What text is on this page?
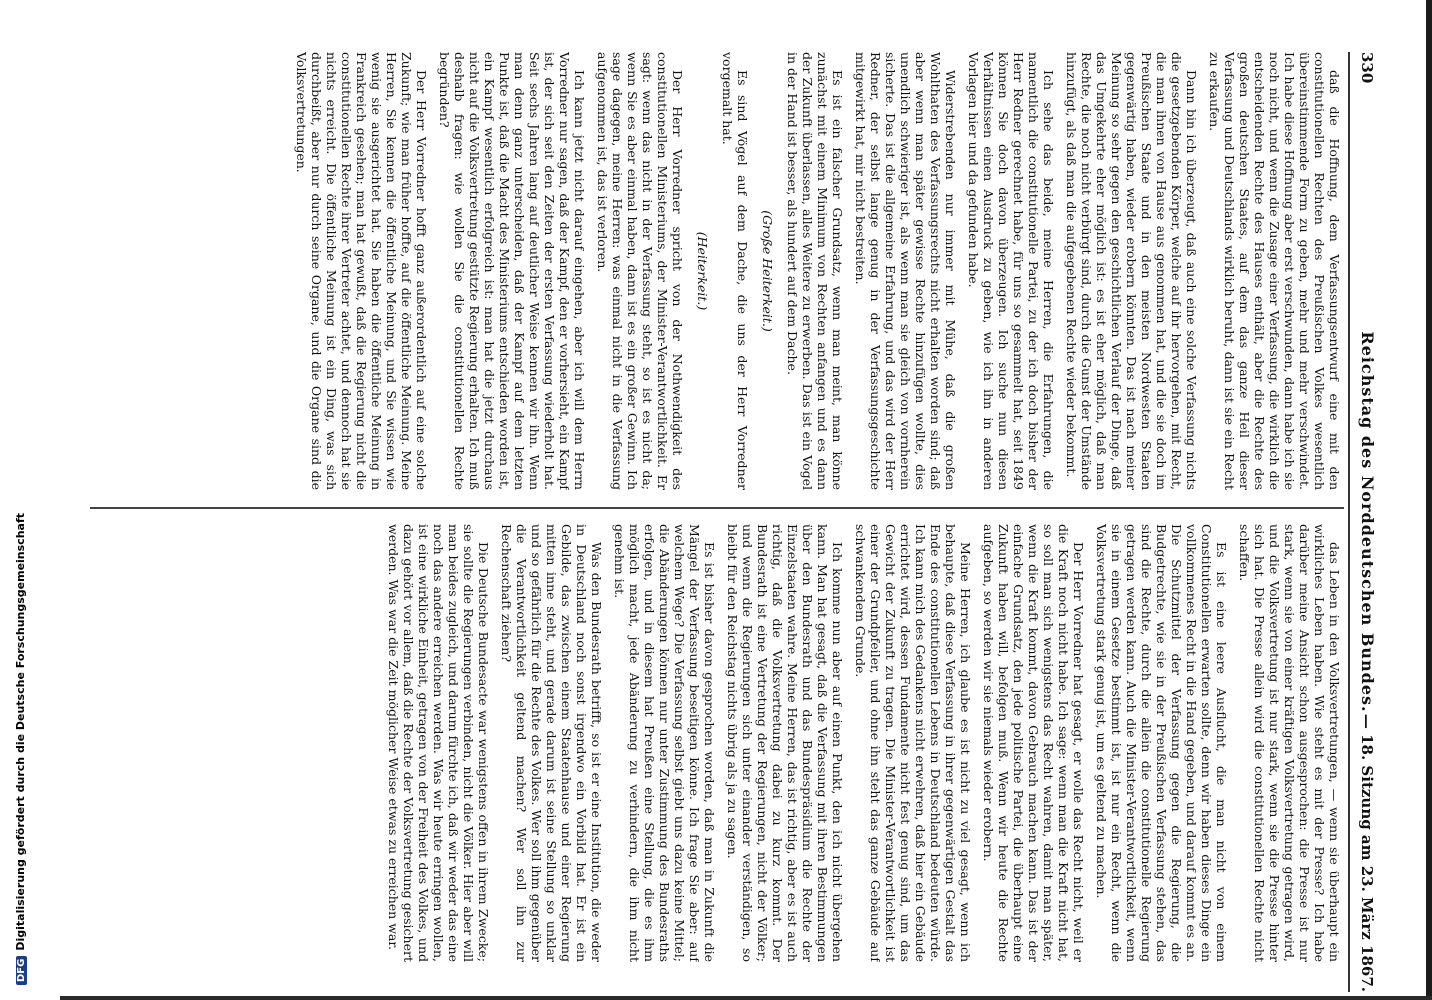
DFGDigitalisierung gefördert durch die Deutsche Forschungsgemeinschaft
330
Reichstag des Norddeutschen Bundes.
— 18. Sitzung am 23. März 1867.

daß die Hoffnung, dem Verfassungsentwurf eine mit den constitutionellen Rechten des Preußischen Volkes wesentlich übereinstimmende Form zu geben, mehr und mehr verschwindet. Ich habe diese Hoffnung aber erst verschwunden, dann habe ich sie noch nicht, und wenn die Zusage einer Verfassung, die wirklich die entscheidenden Rechte des Hauses enthält, aber die Rechte des großen deutschen Staates, auf dem das ganze Heil dieser Verfassung und Deutschlands wirklich beruht, dann ist sie ein Recht zu erkaufen.

Dann bin ich überzeugt, daß auch eine solche Verfassung nichts die gesetzgebenden Körper, welche auf ihr hervorgehen, mit Recht, die man ihnen von Hause aus genommen hat, und die sie doch im Preußischen Staate und in den meisten Nordwesten Staaten gegenwärtig haben, wieder erobern könnten. Das ist nach meiner Meinung so sehr gegen den geschichtlichen Verlauf der Dinge, daß das Umgekehrte eher möglich ist: es ist eher möglich, daß man Rechte, die noch nicht verbürgt sind, durch die Gunst der Umstände hinzufügt, als daß man die aufgegebenen Rechte wieder bekommt.

Ich sehe das beide, meine Herren, die Erfahrungen, die namentlich die constitutionelle Partei, zu der ich doch bisher der Herr Redner gerechnet habe, für uns so gesammelt hat, seit 1849 können Sie doch davon überzeugen. Ich suche nun diesen Verhältnissen einen Ausdruck zu geben, wie ich ihn in anderen Vorlagen hier und da gefunden habe.

Widerstrebenden nur immer mit Mühe, daß die großen Wohlthaten des Verfassungsrechts nicht erhalten worden sind; daß aber wenn man später gewisse Rechte hinzufügen wollte, dies unendlich schwieriger ist, als wenn man sie gleich von vornherein sicherte. Das ist die allgemeine Erfahrung, und das wird der Herr Redner, der selbst lange genug in der Verfassungsgeschichte mitgewirkt hat, mir nicht bestreiten.

Es ist ein falscher Grundsatz, wenn man meint, man könne zunächst mit einem Minimum von Rechten anfangen und es dann der Zukunft überlassen, alles Weitere zu erwerben. Das ist ein Vogel in der Hand ist besser, als hundert auf dem Dache.

(Große Heiterkeit.)

Es sind Vögel auf dem Dache, die uns der Herr Vorredner vorgemalt hat.

(Heiterkeit.)

Der Herr Vorredner spricht von der Nothwendigkeit des constitutionellen Ministeriums, der Minister-Verantwortlichkeit. Er sagt: wenn das nicht in der Verfassung steht, so ist es nicht da; wenn Sie es aber einmal haben, dann ist es ein großer Gewinn. Ich sage dagegen, meine Herren: was einmal nicht in die Verfassung aufgenommen ist, das ist verloren.

Ich kann jetzt nicht darauf eingehen, aber ich will dem Herrn Vorredner nur sagen, daß der Kampf, den er vorhersieht, ein Kampf ist, der sich seit den Zeiten der ersten Verfassung wiederholt hat. Seit sechs Jahren lang auf deutlicher Weise kennen wir ihn. Wenn man denn ganz unterscheiden, daß der Kampf auf dem letzten Punkte ist, daß die Macht des Ministeriums entschieden worden ist, ein Kampf wesentlich erfolgreich ist: man hat die jetzt durchaus nicht auf die Volksvertretung gestützte Regierung erhalten. Ich muß deshalb fragen: wie wollen Sie die constitutionellen Rechte begründen?

Der Herr Vorredner hofft ganz außerordentlich auf eine solche Zukunft; wie man früher hoffte, auf die öffentliche Meinung. Meine Herren, Sie kennen die öffentliche Meinung, und Sie wissen wie wenig sie ausgerichtet hat. Sie haben die öffentliche Meinung in Frankreich gesehen; man hat gewußt, daß die Regierung nicht die constitutionellen Rechte ihrer Vertreter achtet, und dennoch hat sie nichts erreicht. Die öffentliche Meinung ist ein Ding, was sich durchbeißt, aber nur durch seine Organe, und die Organe sind die Volksvertretungen.

das Leben in den Volksvertretungen, — wenn sie überhaupt ein wirkliches Leben haben. Wie steht es mit der Presse? Ich habe darüber meine Ansicht schon ausgesprochen: die Presse ist nur stark, wenn sie von einer kräftigen Volksvertretung getragen wird, und die Volksvertretung ist nur stark, wenn sie die Presse hinter sich hat. Die Presse allein wird die constitutionellen Rechte nicht schaffen.

Es ist eine leere Ausflucht, die man nicht von einem Constitutionellen erwarten sollte, denn wir haben dieses Dinge ein vollkommenes Recht in die Hand gegeben, und darauf kommt es an. Die Schutzmittel der Verfassung gegen die Regierung, die Budgetrechte, wie sie in der Preußischen Verfassung stehen, das sind die Rechte, durch die allein die constitutionelle Regierung getragen werden kann. Auch die Minister-Verantwortlichkeit, wenn sie in einem Gesetze bestimmt ist, ist nur ein Recht, wenn die Volksvertretung stark genug ist, um es geltend zu machen.

Der Herr Vorredner hat gesagt, er wolle das Recht nicht, weil er die Kraft noch nicht habe. Ich sage: wenn man die Kraft nicht hat, so soll man sich wenigstens das Recht wahren, damit man später, wenn die Kraft kommt, davon Gebrauch machen kann. Das ist der einfache Grundsatz, den jede politische Partei, die überhaupt eine Zukunft haben will, befolgen muß. Wenn wir heute die Rechte aufgeben, so werden wir sie niemals wieder erobern.

Meine Herren, ich glaube es ist nicht zu viel gesagt, wenn ich behaupte, daß diese Verfassung in ihrer gegenwärtigen Gestalt das Ende des constitutionellen Lebens in Deutschland bedeuten würde. Ich kann mich des Gedankens nicht erwehren, daß hier ein Gebäude errichtet wird, dessen Fundamente nicht fest genug sind, um das Gewicht der Zukunft zu tragen. Die Minister-Verantwortlichkeit ist einer der Grundpfeiler, und ohne ihn steht das ganze Gebäude auf schwankendem Grunde.

Ich komme nun aber auf einen Punkt, den ich nicht übergehen kann. Man hat gesagt, daß die Verfassung mit ihren Bestimmungen über den Bundesrath und das Bundespräsidium die Rechte der Einzelstaaten wahre. Meine Herren, das ist richtig, aber es ist auch richtig, daß die Volksvertretung dabei zu kurz kommt. Der Bundesrath ist eine Vertretung der Regierungen, nicht der Völker; und wenn die Regierungen sich unter einander verständigen, so bleibt für den Reichstag nichts übrig als ja zu sagen.

Es ist bisher davon gesprochen worden, daß man in Zukunft die Mängel der Verfassung beseitigen könne. Ich frage Sie aber: auf welchem Wege? Die Verfassung selbst giebt uns dazu keine Mittel; die Abänderungen können nur unter Zustimmung des Bundesraths erfolgen, und in diesem hat Preußen eine Stellung, die es ihm möglich macht, jede Abänderung zu verhindern, die ihm nicht genehm ist.

Was den Bundesrath betrifft, so ist er eine Institution, die weder in Deutschland noch sonst irgendwo ein Vorbild hat. Er ist ein Gebilde, das zwischen einem Staatenhause und einer Regierung mitten inne steht, und gerade darum ist seine Stellung so unklar und so gefährlich für die Rechte des Volkes. Wer soll ihm gegenüber die Verantwortlichkeit geltend machen? Wer soll ihn zur Rechenschaft ziehen?

Die Deutsche Bundesacte war wenigstens offen in ihrem Zwecke; sie sollte die Regierungen verbinden, nicht die Völker. Hier aber will man beides zugleich, und darum fürchte ich, daß wir weder das eine noch das andere erreichen werden. Was wir heute erringen wollen, ist eine wirkliche Einheit, getragen von der Freiheit des Volkes, und dazu gehört vor allem, daß die Rechte der Volksvertretung gesichert werden. Was war die Zeit möglicher Weise etwas zu erreichen war.
